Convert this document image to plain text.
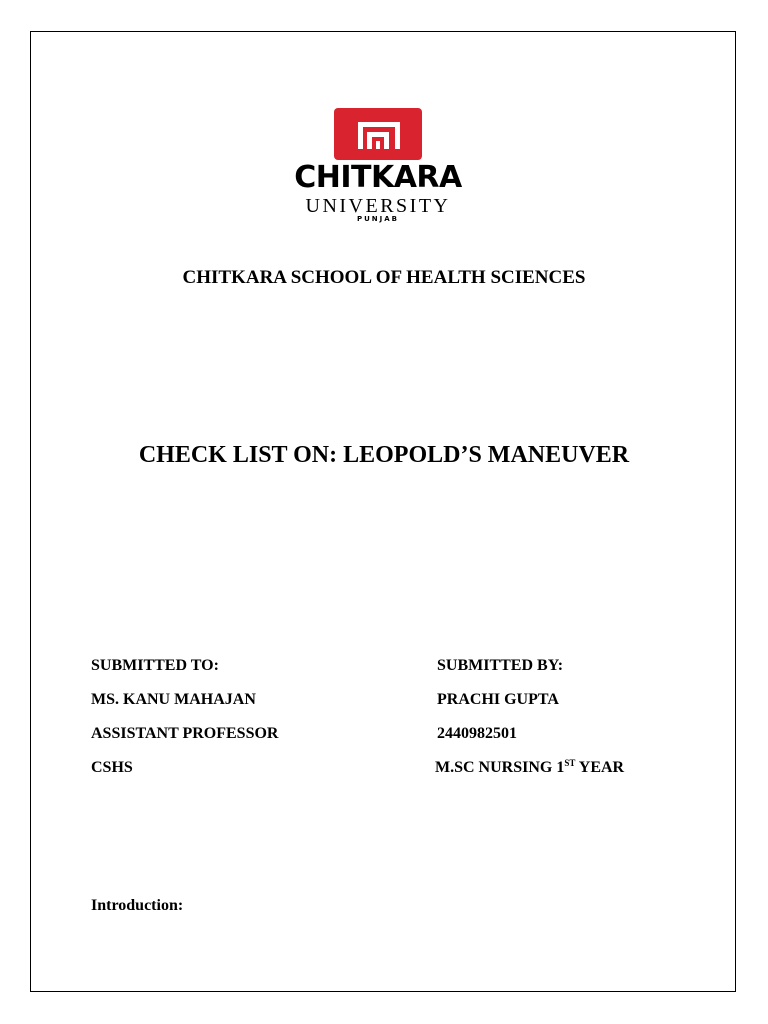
CHITKARA
UNIVERSITY
PUNJAB
CHITKARA SCHOOL OF HEALTH SCIENCES
CHECK LIST ON: LEOPOLD’S MANEUVER
SUBMITTED TO:
MS. KANU MAHAJAN
ASSISTANT PROFESSOR
CSHS
SUBMITTED BY:
PRACHI GUPTA
2440982501
M.SC NURSING 1ST YEAR
Introduction:
